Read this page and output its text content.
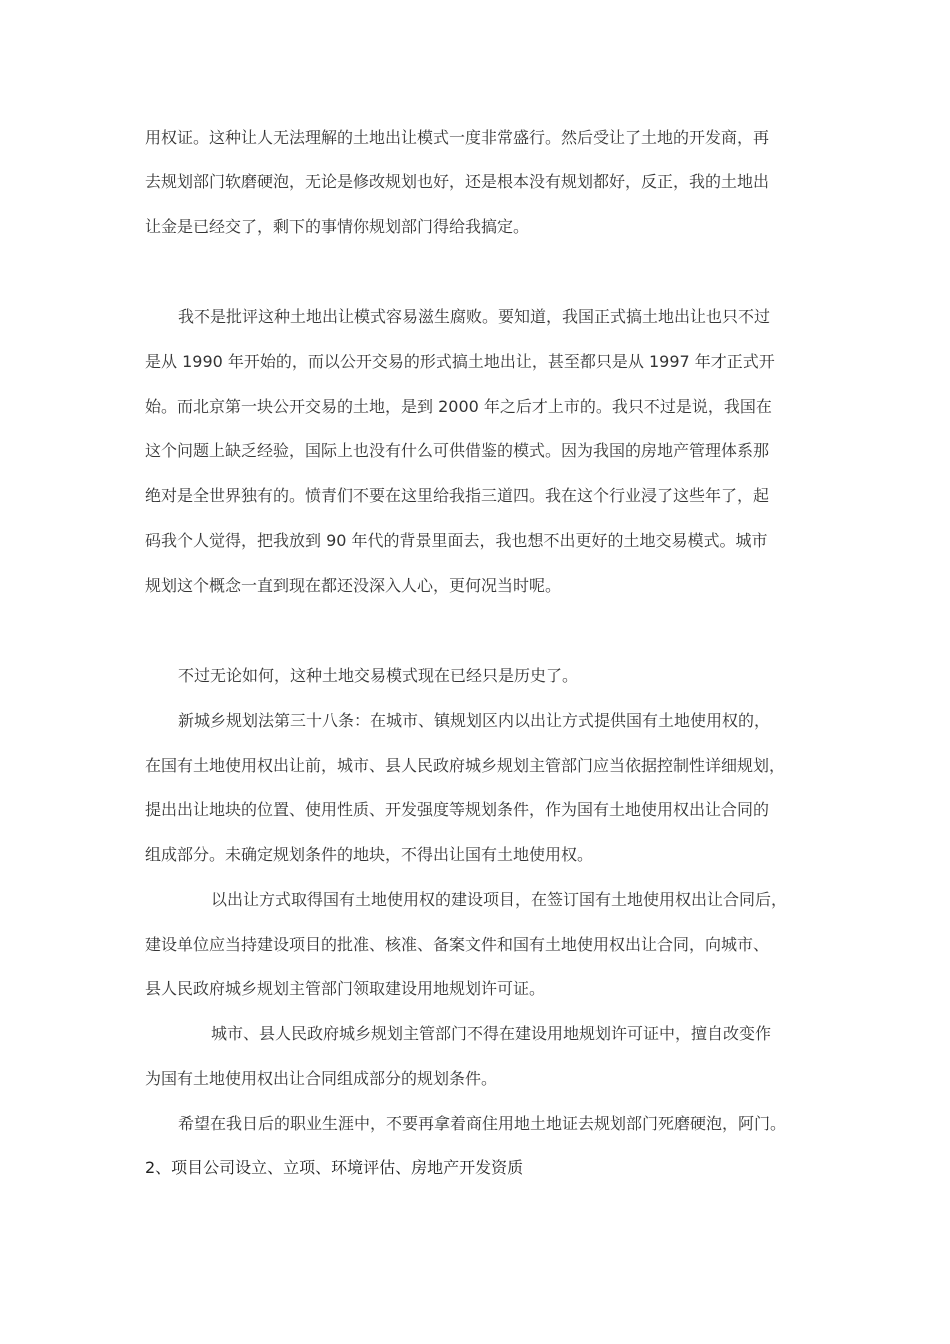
用权证。这种让人无法理解的土地出让模式一度非常盛行。然后受让了土地的开发商，再

去规划部门软磨硬泡，无论是修改规划也好，还是根本没有规划都好，反正，我的土地出

让金是已经交了，剩下的事情你规划部门得给我搞定。

我不是批评这种土地出让模式容易滋生腐败。要知道，我国正式搞土地出让也只不过

是从 1990 年开始的，而以公开交易的形式搞土地出让，甚至都只是从 1997 年才正式开

始。而北京第一块公开交易的土地，是到 2000 年之后才上市的。我只不过是说，我国在

这个问题上缺乏经验，国际上也没有什么可供借鉴的模式。因为我国的房地产管理体系那

绝对是全世界独有的。愤青们不要在这里给我指三道四。我在这个行业浸了这些年了，起

码我个人觉得，把我放到 90 年代的背景里面去，我也想不出更好的土地交易模式。城市

规划这个概念一直到现在都还没深入人心，更何况当时呢。

不过无论如何，这种土地交易模式现在已经只是历史了。

新城乡规划法第三十八条：在城市、镇规划区内以出让方式提供国有土地使用权的，

在国有土地使用权出让前，城市、县人民政府城乡规划主管部门应当依据控制性详细规划，

提出出让地块的位置、使用性质、开发强度等规划条件，作为国有土地使用权出让合同的

组成部分。未确定规划条件的地块，不得出让国有土地使用权。

以出让方式取得国有土地使用权的建设项目，在签订国有土地使用权出让合同后，

建设单位应当持建设项目的批准、核准、备案文件和国有土地使用权出让合同，向城市、

县人民政府城乡规划主管部门领取建设用地规划许可证。

城市、县人民政府城乡规划主管部门不得在建设用地规划许可证中，擅自改变作

为国有土地使用权出让合同组成部分的规划条件。

希望在我日后的职业生涯中，不要再拿着商住用地土地证去规划部门死磨硬泡，阿门。

2、项目公司设立、立项、环境评估、房地产开发资质
